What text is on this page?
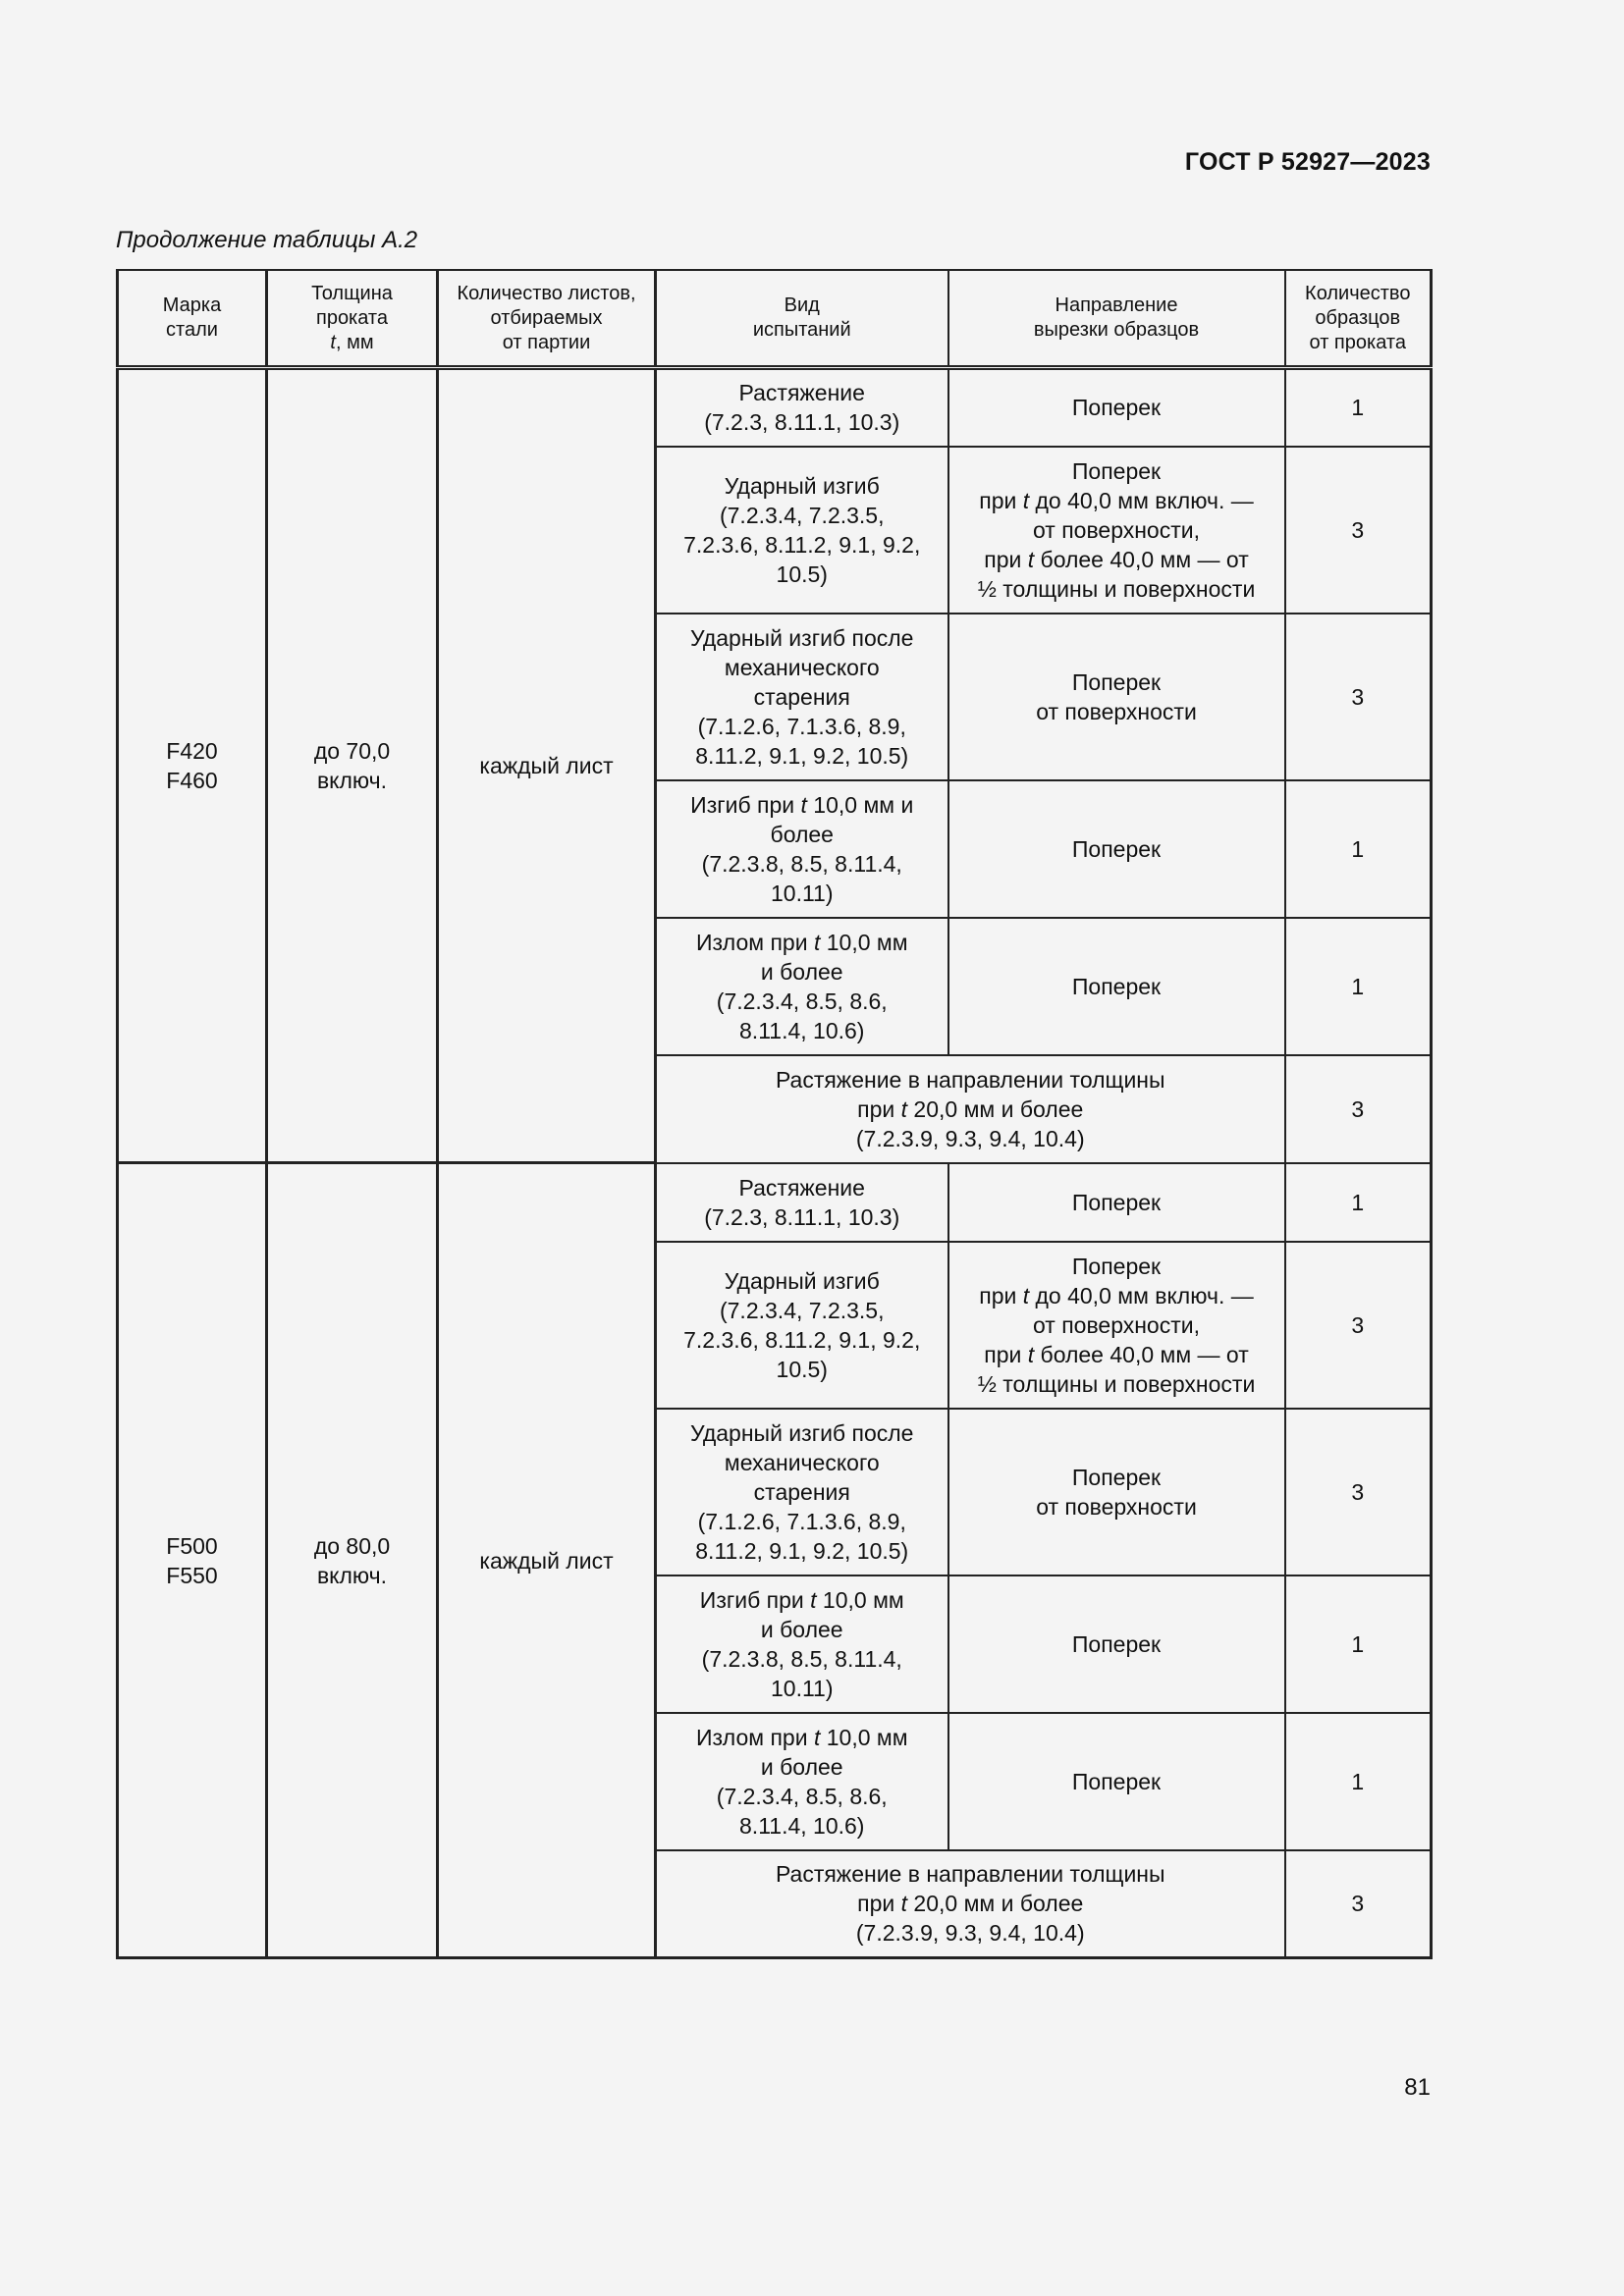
ГОСТ Р 52927—2023
Продолжение таблицы А.2
Марка
стали	Толщина
проката
t, мм	Количество листов,
отбираемых
от партии	Вид
испытаний	Направление
вырезки образцов	Количество
образцов
от проката
F420
F460	до 70,0
включ.	каждый лист	Растяжение
(7.2.3, 8.11.1, 10.3)	Поперек	1
			Ударный изгиб
(7.2.3.4, 7.2.3.5,
7.2.3.6, 8.11.2, 9.1, 9.2,
10.5)	Поперек
при t до 40,0 мм включ. —
от поверхности,
при t более 40,0 мм — от
½ толщины и поверхности	3
			Ударный изгиб после
механического
старения
(7.1.2.6, 7.1.3.6, 8.9,
8.11.2, 9.1, 9.2, 10.5)	Поперек
от поверхности	3
			Изгиб при t 10,0 мм и
более
(7.2.3.8, 8.5, 8.11.4,
10.11)	Поперек	1
			Излом при t 10,0 мм
и более
(7.2.3.4, 8.5, 8.6,
8.11.4, 10.6)	Поперек	1
			Растяжение в направлении толщины
при t 20,0 мм и более
(7.2.3.9, 9.3, 9.4, 10.4)		3
F500
F550	до 80,0
включ.	каждый лист	Растяжение
(7.2.3, 8.11.1, 10.3)	Поперек	1
			Ударный изгиб
(7.2.3.4, 7.2.3.5,
7.2.3.6, 8.11.2, 9.1, 9.2,
10.5)	Поперек
при t до 40,0 мм включ. —
от поверхности,
при t более 40,0 мм — от
½ толщины и поверхности	3
			Ударный изгиб после
механического
старения
(7.1.2.6, 7.1.3.6, 8.9,
8.11.2, 9.1, 9.2, 10.5)	Поперек
от поверхности	3
			Изгиб при t 10,0 мм
и более
(7.2.3.8, 8.5, 8.11.4,
10.11)	Поперек	1
			Излом при t 10,0 мм
и более
(7.2.3.4, 8.5, 8.6,
8.11.4, 10.6)	Поперек	1
			Растяжение в направлении толщины
при t 20,0 мм и более
(7.2.3.9, 9.3, 9.4, 10.4)		3
81
